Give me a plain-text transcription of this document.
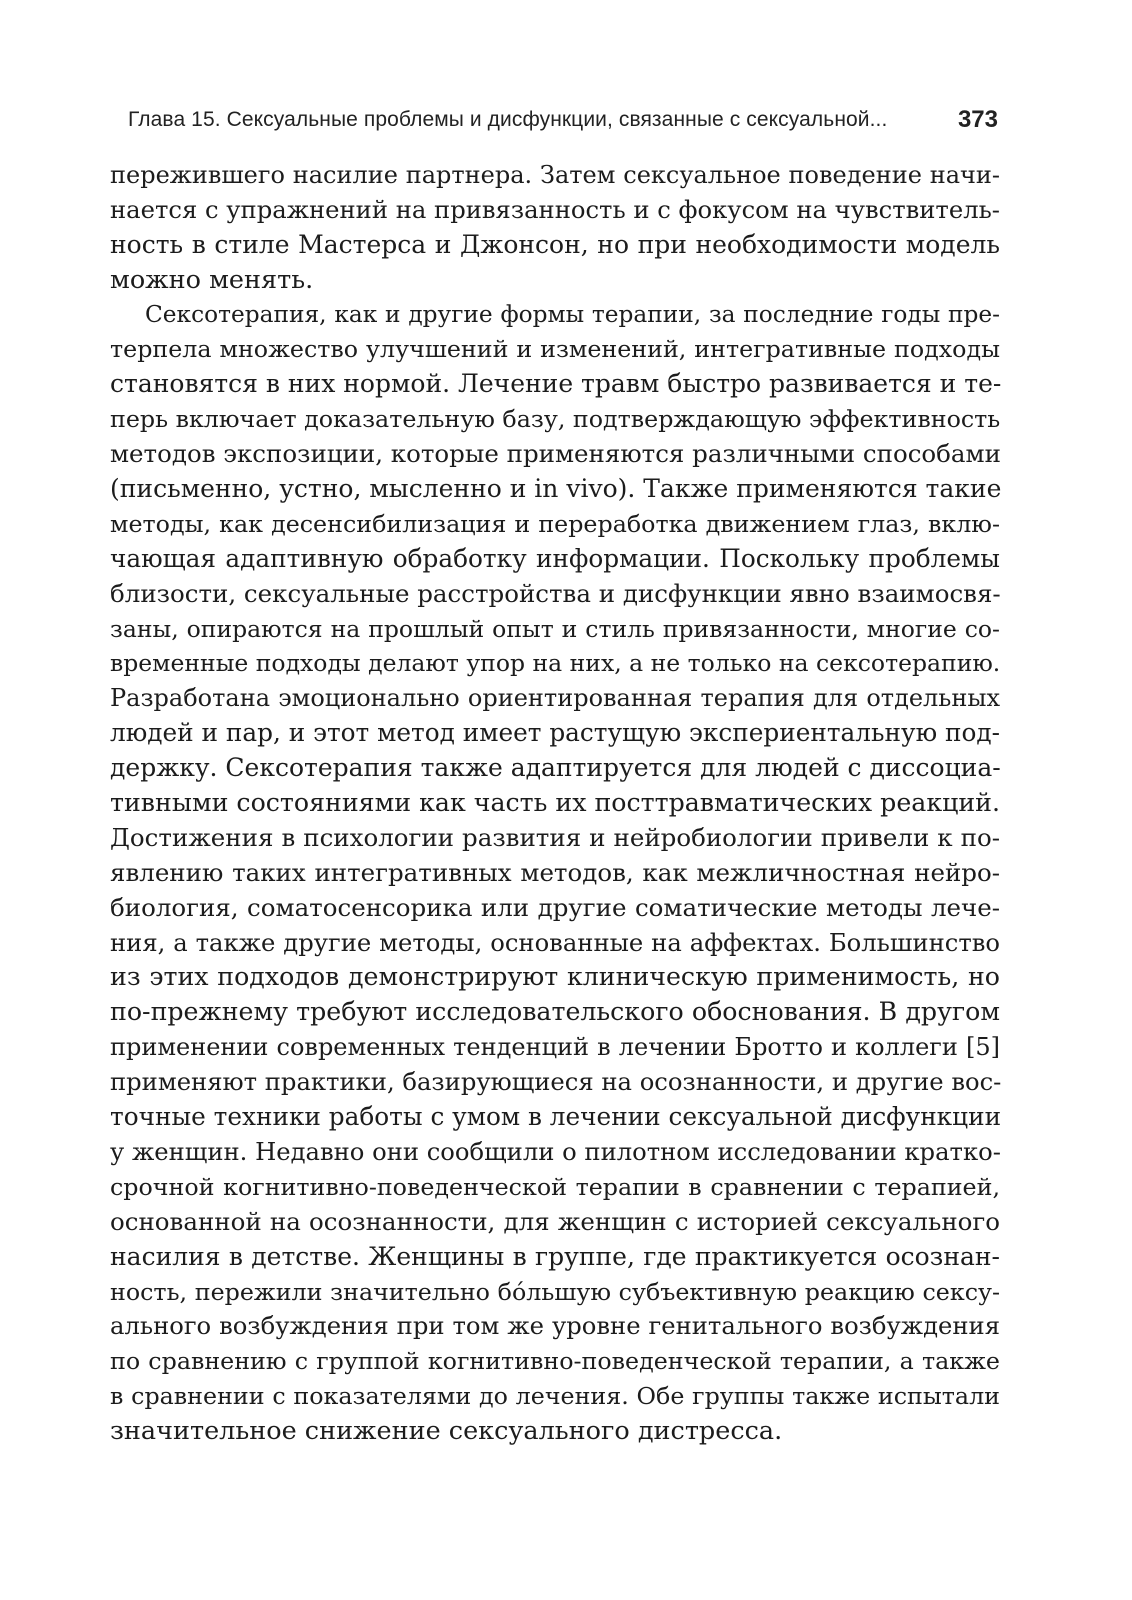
Глава 15. Сексуальные проблемы и дисфункции, связанные с сексуальной...	373
пережившего насилие партнера. Затем сексуальное поведение начи-
нается с упражнений на привязанность и с фокусом на чувствитель-
ность в стиле Мастерса и Джонсон, но при необходимости модель
можно менять.
Сексотерапия, как и другие формы терапии, за последние годы пре-
терпела множество улучшений и изменений, интегративные подходы
становятся в них нормой. Лечение травм быстро развивается и те-
перь включает доказательную базу, подтверждающую эффективность
методов экспозиции, которые применяются различными способами
(письменно, устно, мысленно и in vivo). Также применяются такие
методы, как десенсибилизация и переработка движением глаз, вклю-
чающая адаптивную обработку информации. Поскольку проблемы
близости, сексуальные расстройства и дисфункции явно взаимосвя-
заны, опираются на прошлый опыт и стиль привязанности, многие со-
временные подходы делают упор на них, а не только на сексотерапию.
Разработана эмоционально ориентированная терапия для отдельных
людей и пар, и этот метод имеет растущую экспериентальную под-
держку. Сексотерапия также адаптируется для людей с диссоциа-
тивными состояниями как часть их посттравматических реакций.
Достижения в психологии развития и нейробиологии привели к по-
явлению таких интегративных методов, как межличностная нейро-
биология, соматосенсорика или другие соматические методы лече-
ния, а также другие методы, основанные на аффектах. Большинство
из этих подходов демонстрируют клиническую применимость, но
по-прежнему требуют исследовательского обоснования. В другом
применении современных тенденций в лечении Бротто и коллеги [5]
применяют практики, базирующиеся на осознанности, и другие вос-
точные техники работы с умом в лечении сексуальной дисфункции
у женщин. Недавно они сообщили о пилотном исследовании кратко-
срочной когнитивно-поведенческой терапии в сравнении с терапией,
основанной на осознанности, для женщин с историей сексуального
насилия в детстве. Женщины в группе, где практикуется осознан-
ность, пережили значительно бо́льшую субъективную реакцию сексу-
ального возбуждения при том же уровне генитального возбуждения
по сравнению с группой когнитивно-поведенческой терапии, а также
в сравнении с показателями до лечения. Обе группы также испытали
значительное снижение сексуального дистресса.
